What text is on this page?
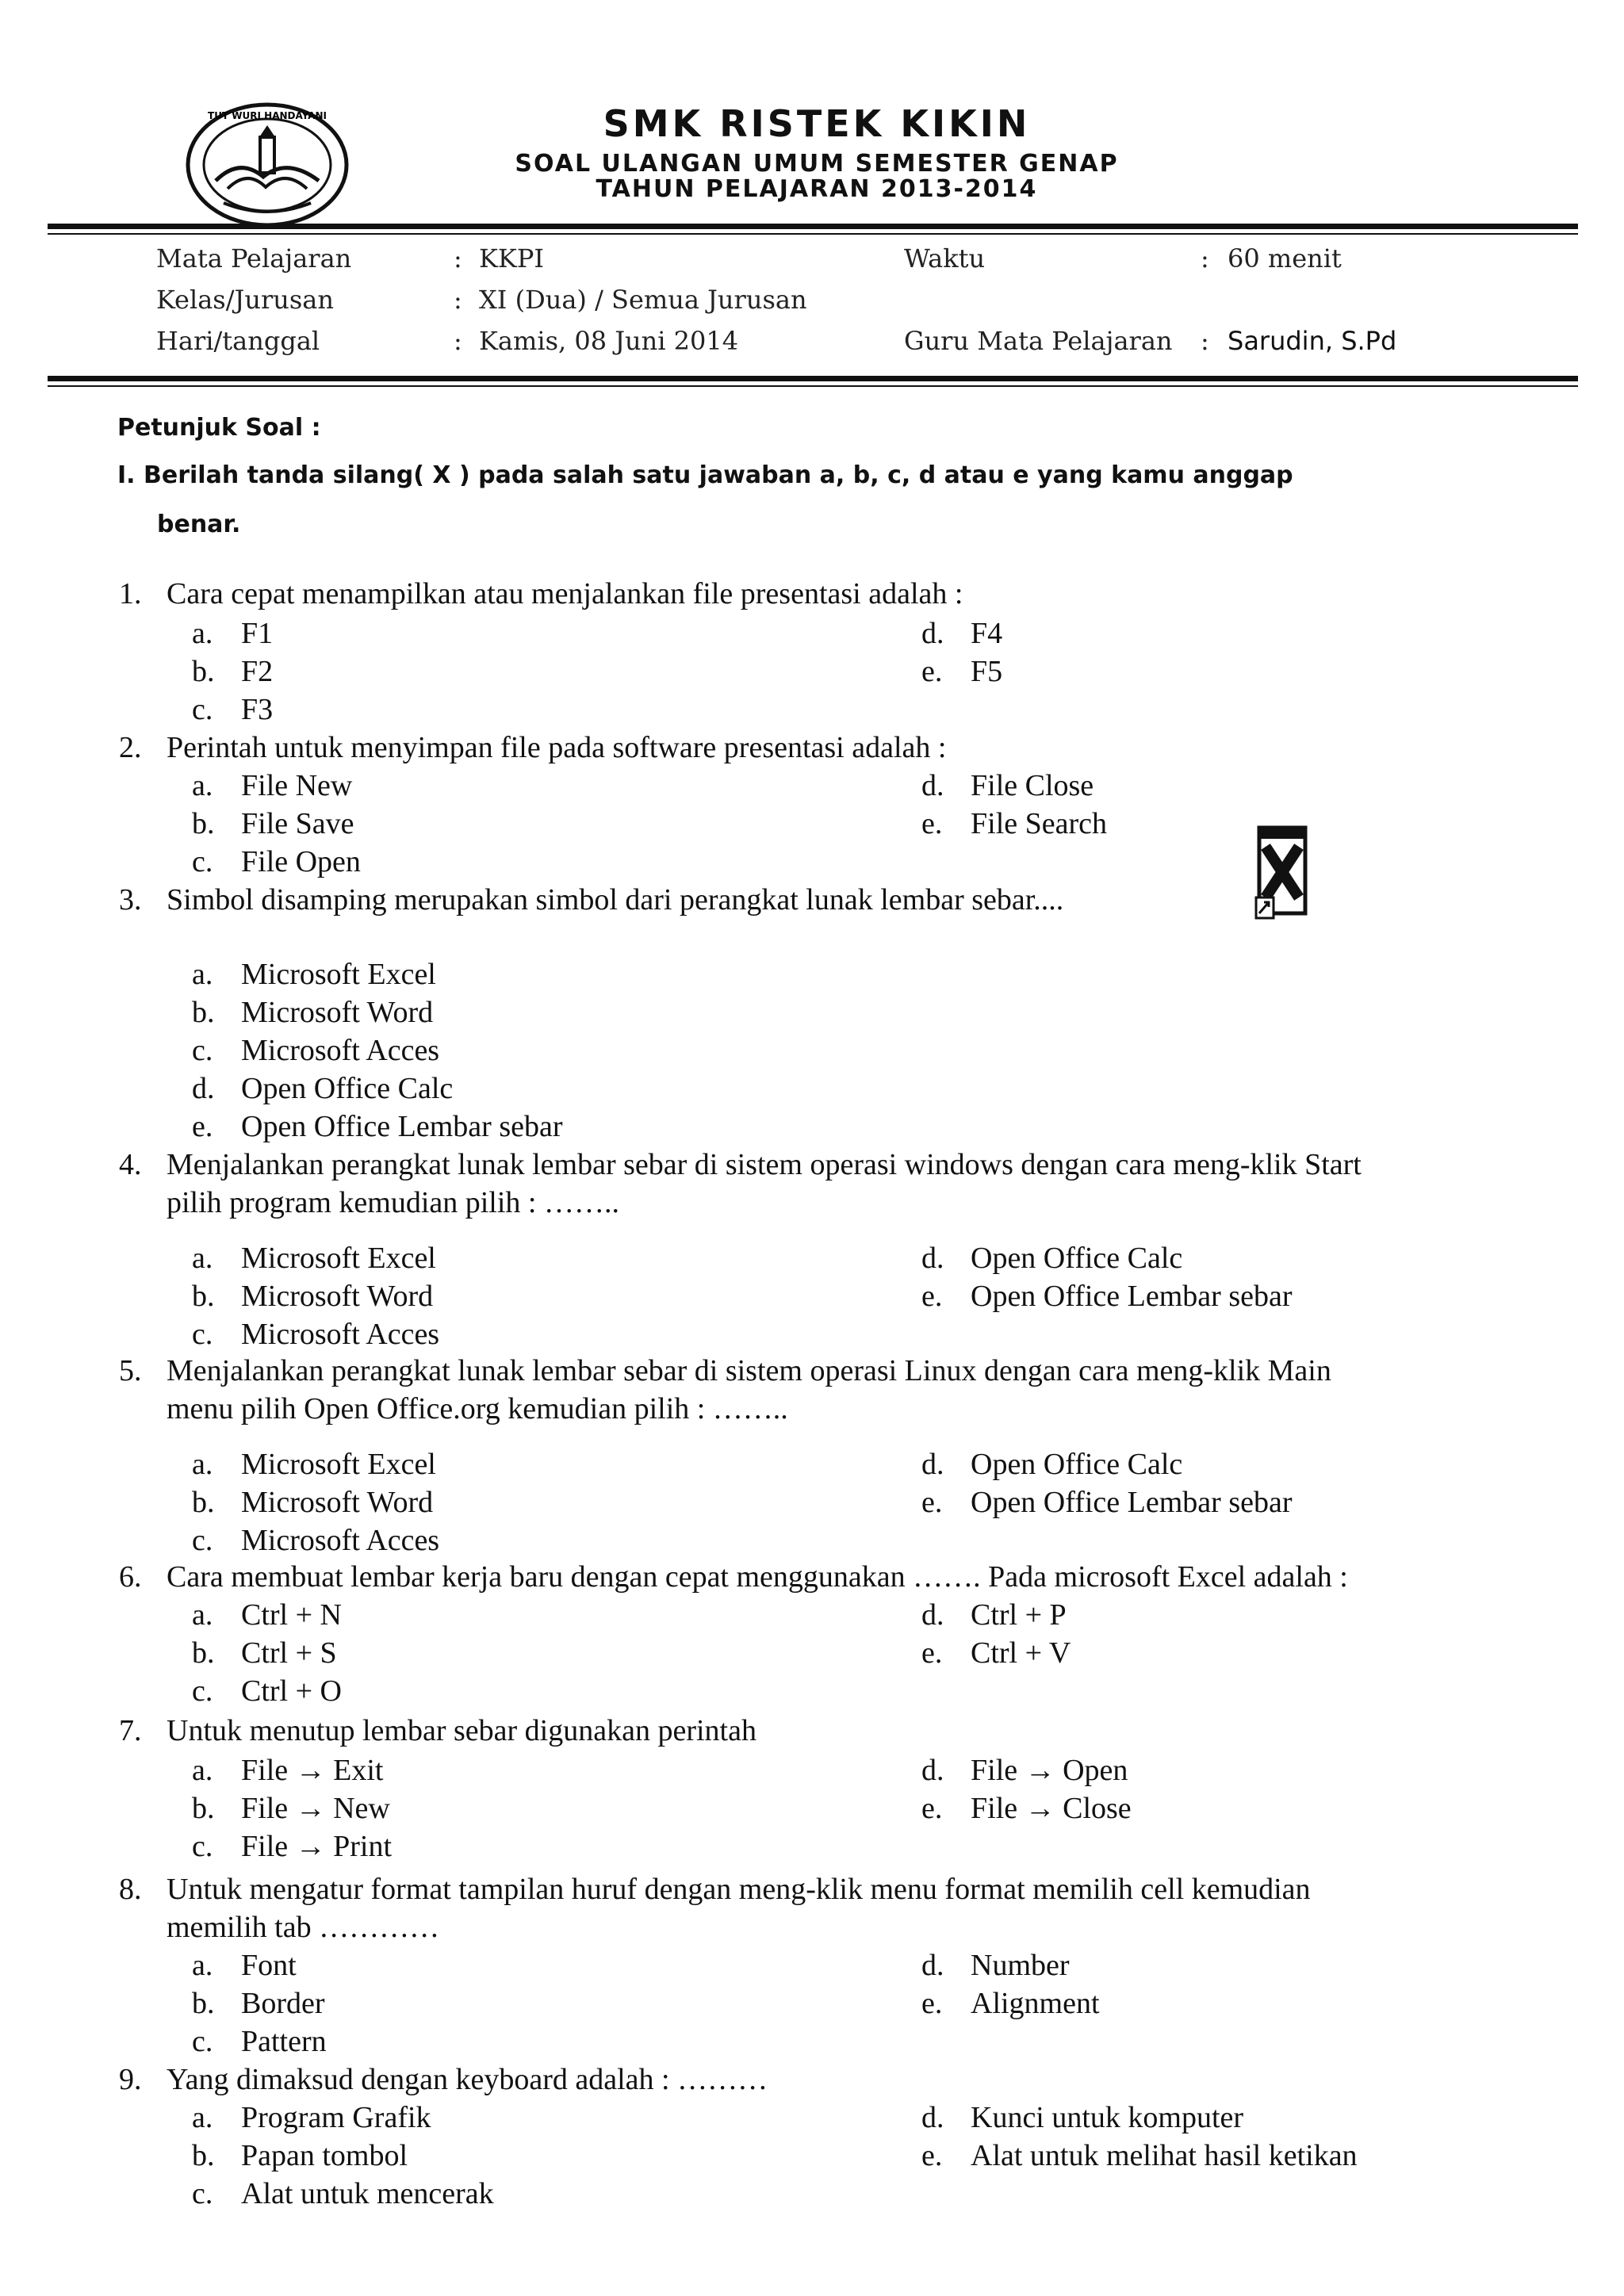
TUT WURI HANDAYANI	SMK RISTEK KIKIN
SOAL ULANGAN UMUM SEMESTER GENAP
TAHUN PELAJARAN 2013-2014
Mata Pelajaran	: KKPI	Waktu	: 60 menit
Kelas/Jurusan	: XI (Dua) / Semua Jurusan
Hari/tanggal	: Kamis, 08 Juni 2014	Guru Mata Pelajaran : Sarudin, S.Pd
Petunjuk Soal :
I. Berilah tanda silang( X ) pada salah satu jawaban a, b, c, d atau e yang kamu anggap
benar.
1. Cara cepat menampilkan atau menjalankan file presentasi adalah :
a. F1
b. F2
c. F3
d. F4
e. F5
2. Perintah untuk menyimpan file pada software presentasi adalah :
a. File New
b. File Save
c. File Open
d. File Close
e. File Search
3. Simbol disamping merupakan simbol dari perangkat lunak lembar sebar....
a. Microsoft Excel
b. Microsoft Word
c. Microsoft Acces
d. Open Office Calc
e. Open Office Lembar sebar
4. Menjalankan perangkat lunak lembar sebar di sistem operasi windows dengan cara meng-klik Start
pilih program kemudian pilih : ……..
a. Microsoft Excel
b. Microsoft Word
c. Microsoft Acces
d. Open Office Calc
e. Open Office Lembar sebar
5. Menjalankan perangkat lunak lembar sebar di sistem operasi Linux dengan cara meng-klik Main
menu pilih Open Office.org kemudian pilih : ……..
a. Microsoft Excel
b. Microsoft Word
c. Microsoft Acces
d. Open Office Calc
e. Open Office Lembar sebar
6. Cara membuat lembar kerja baru dengan cepat menggunakan ……. Pada microsoft Excel adalah :
a. Ctrl + N
b. Ctrl + S
c. Ctrl + O
d. Ctrl + P
e. Ctrl + V
7. Untuk menutup lembar sebar digunakan perintah
a. File → Exit
b. File → New
c. File → Print
d. File → Open
e. File → Close
8. Untuk mengatur format tampilan huruf dengan meng-klik menu format memilih cell kemudian
memilih tab …………
a. Font
b. Border
c. Pattern
d. Number
e. Alignment
9. Yang dimaksud dengan keyboard adalah : ………
a. Program Grafik
b. Papan tombol
c. Alat untuk mencerak
d. Kunci untuk komputer
e. Alat untuk melihat hasil ketikan
